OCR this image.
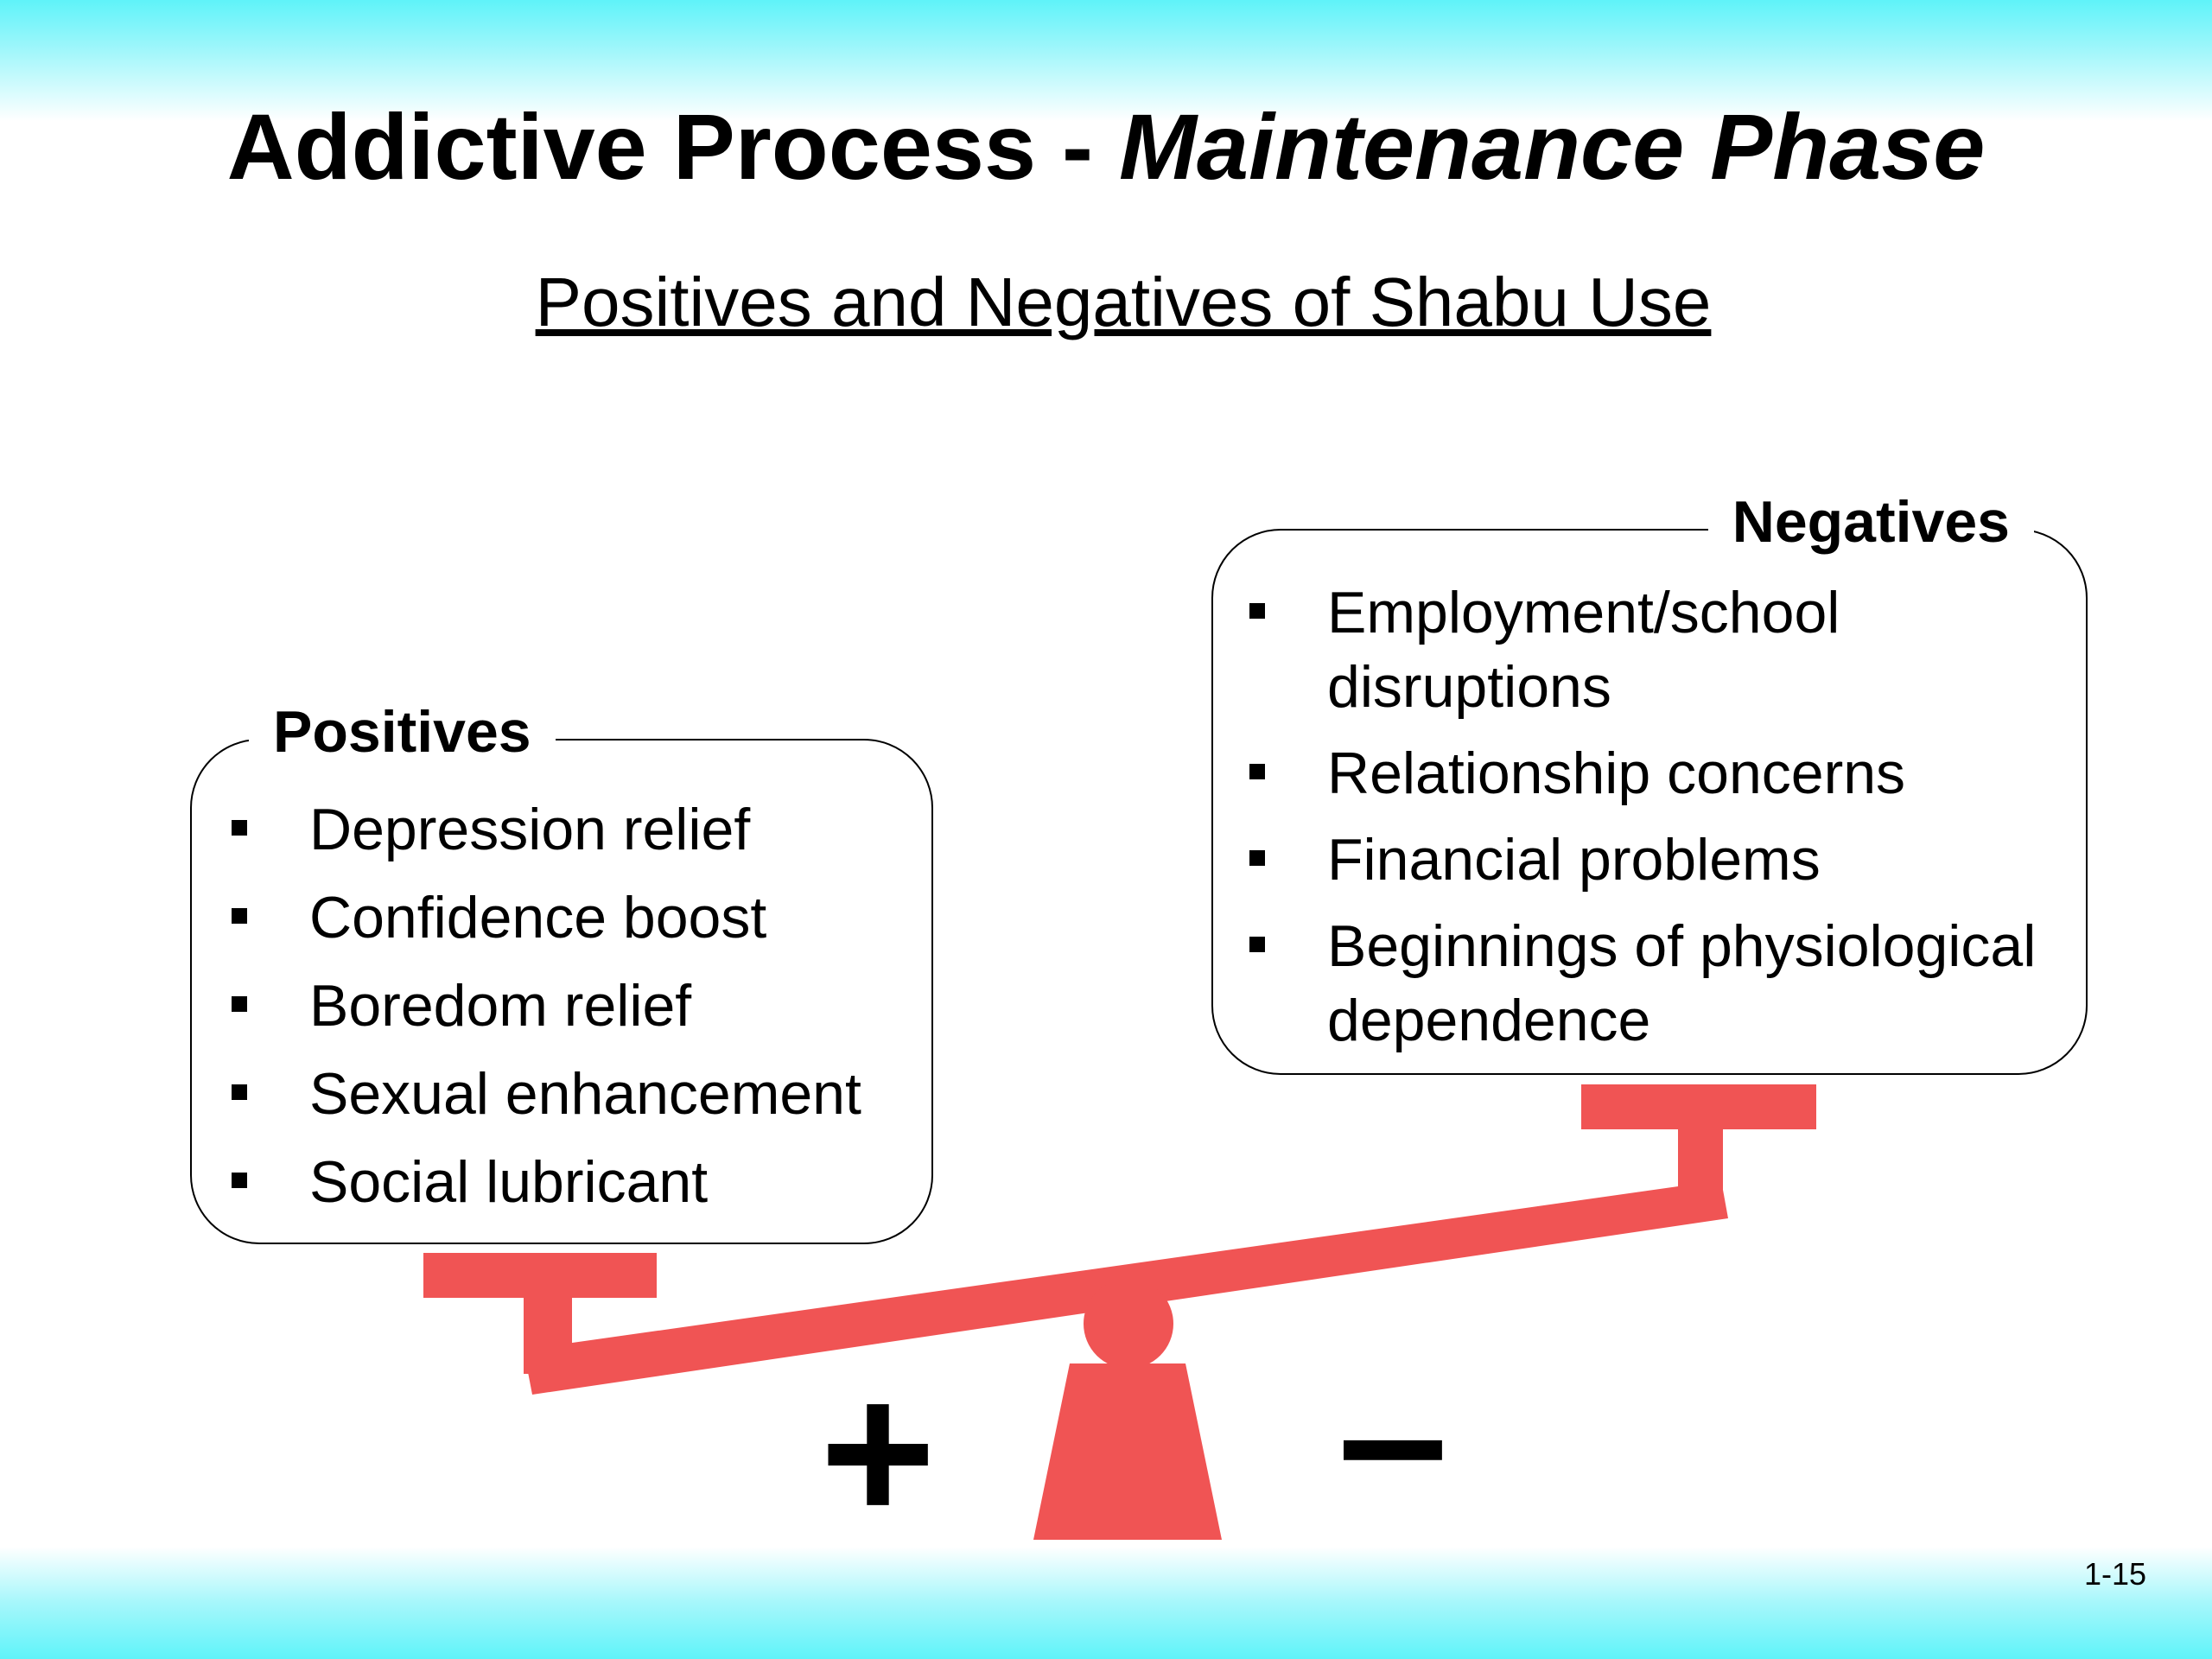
Addictive Process - Maintenance Phase
Positives and Negatives of Shabu Use
+ –
Positives
Depression relief
Confidence boost
Boredom relief
Sexual enhancement
Social lubricant
Negatives
Employment/school disruptions
Relationship concerns
Financial problems
Beginnings of physiological dependence
1-15
